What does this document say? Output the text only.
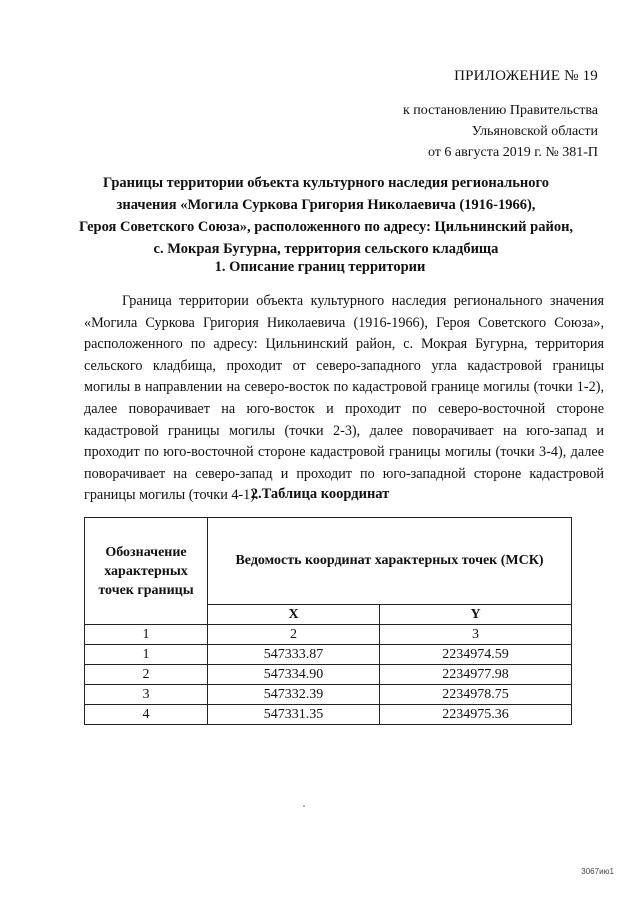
ПРИЛОЖЕНИЕ № 19
к постановлению Правительства
Ульяновской области
от 6 августа 2019 г. № 381-П
Границы территории объекта культурного наследия регионального
значения «Могила Суркова Григория Николаевича (1916-1966),
Героя Советского Союза», расположенного по адресу: Цильнинский район,
с. Мокрая Бугурна, территория сельского кладбища
1. Описание границ территории
Граница территории объекта культурного наследия регионального значения «Могила Суркова Григория Николаевича (1916-1966), Героя Советского Союза», расположенного по адресу: Цильнинский район, с. Мокрая Бугурна, территория сельского кладбища, проходит от северо-западного угла кадастровой границы могилы в направлении на северо-восток по кадастровой границе могилы (точки 1-2), далее поворачивает на юго-восток и проходит по северо-восточной стороне кадастровой границы могилы (точки 2-3), далее поворачивает на юго-запад и проходит по юго-восточной стороне кадастровой границы могилы (точки 3-4), далее поворачивает на северо-запад и проходит по юго-западной стороне кадастровой границы могилы (точки 4-1).
2.Таблица координат
Обозначение характерных точек границы	Ведомость координат характерных точек (МСК)	
	X	Y
1	2	3
1	547333.87	2234974.59
2	547334.90	2234977.98
3	547332.39	2234978.75
4	547331.35	2234975.36
3067ию1
